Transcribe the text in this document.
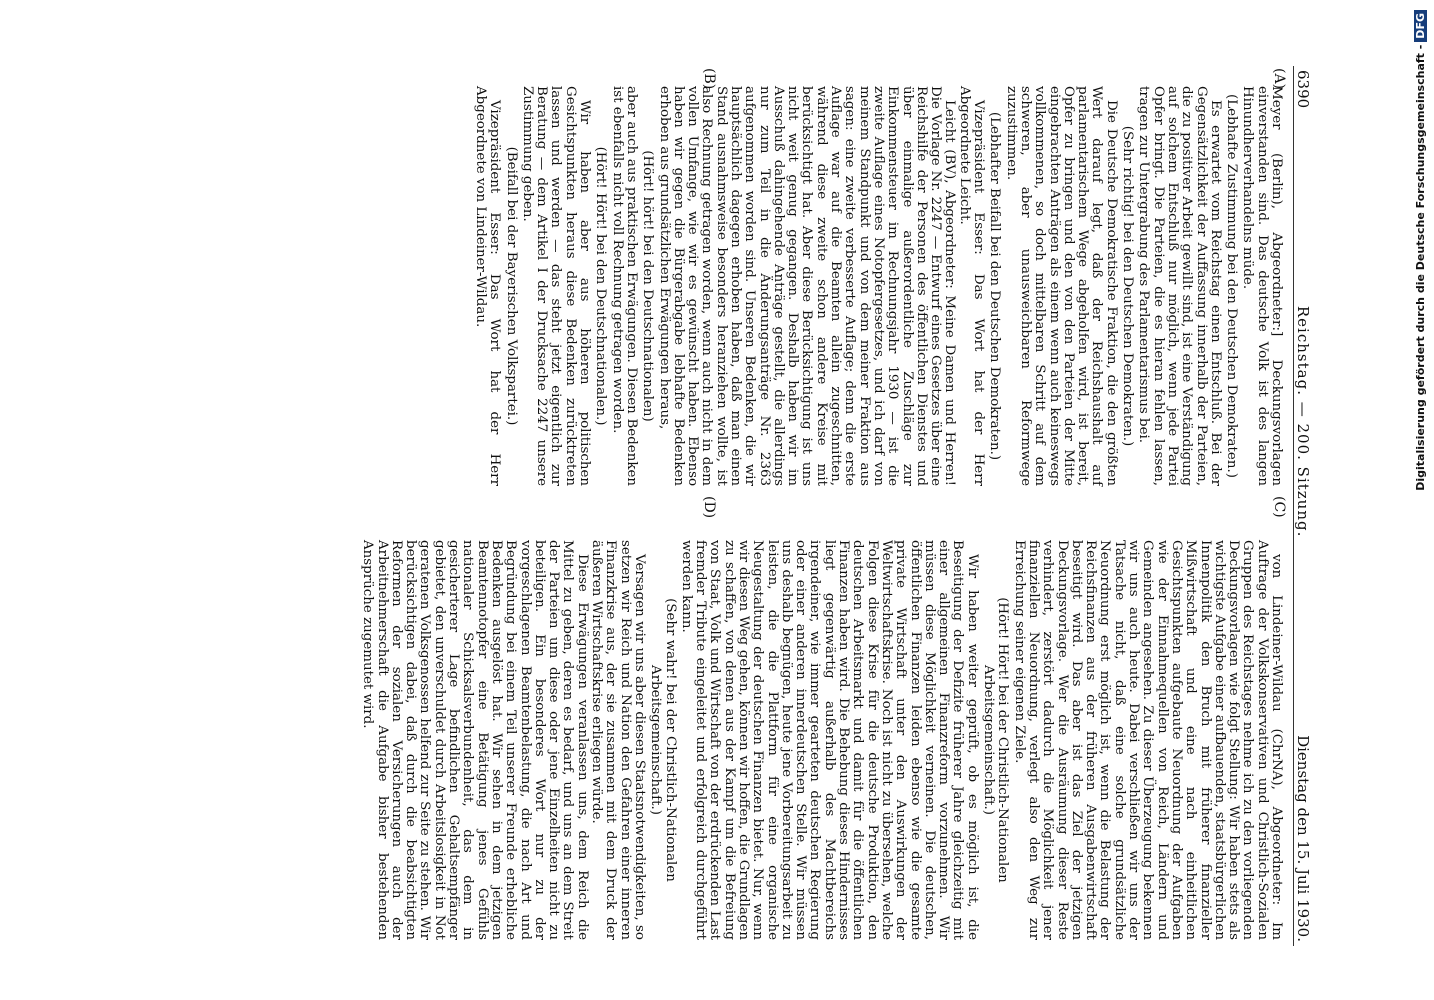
6390
Reichstag. — 200. Sitzung.
Dienstag den 15. Juli 1930.
(A)
(B)
(C)
(D)

Meyer (Berlin), Abgeordneter:] Deckungsvorlagen einverstanden sind. Das deutsche Volk ist des langen Hinundherverhandelns müde.

(Lebhafte Zustimmung bei den Deutschen Demokraten.)

Es erwartet vom Reichstag einen Entschluß. Bei der Gegensätzlichkeit der Auffassung innerhalb der Parteien, die zu positiver Arbeit gewillt sind, ist eine Verständigung auf solchem Entschluß nur möglich, wenn jede Partei Opfer bringt. Die Parteien, die es hieran fehlen lassen, tragen zur Untergrabung des Parlamentarismus bei.

(Sehr richtig! bei den Deutschen Demokraten.)

Die Deutsche Demokratische Fraktion, die den größten Wert darauf legt, daß der Reichshaushalt auf parlamentarischem Wege abgeholfen wird, ist bereit, Opfer zu bringen und den von den Parteien der Mitte eingebrachten Anträgen als einem wenn auch keineswegs vollkommenen, so doch mittelbaren Schritt auf dem schweren, aber unausweichbaren Reformwege zuzustimmen.

(Lebhafter Beifall bei den Deutschen Demokraten.)

Vizepräsident Esser: Das Wort hat der Herr Abgeordnete Leicht.

Leicht (BV), Abgeordneter: Meine Damen und Herren! Die Vorlage Nr. 2247 — Entwurf eines Gesetzes über eine Reichshilfe der Personen des öffentlichen Dienstes und über einmalige außerordentliche Zuschläge zur Einkommensteuer im Rechnungsjahr 1930 — ist die zweite Auflage eines Notopfergesetzes, und ich darf von meinem Standpunkt und von dem meiner Fraktion aus sagen: eine zweite verbesserte Auflage; denn die erste Auflage war auf die Beamten allein zugeschnitten, während diese zweite schon andere Kreise mit berücksichtigt hat. Aber diese Berücksichtigung ist uns nicht weit genug gegangen. Deshalb haben wir im Ausschuß dahingehende Anträge gestellt, die allerdings nur zum Teil in die Änderungsanträge Nr. 2363 aufgenommen worden sind. Unseren Bedenken, die wir hauptsächlich dagegen erhoben haben, daß man einen Stand ausnahmsweise besonders heranziehen wollte, ist also Rechnung getragen worden, wenn auch nicht in dem vollen Umfange, wie wir es gewünscht haben. Ebenso haben wir gegen die Bürgerabgabe lebhafte Bedenken erhoben aus grundsätzlichen Erwägungen heraus,

(Hört! hört! bei den Deutschnationalen)

aber auch aus praktischen Erwägungen. Diesen Bedenken ist ebenfalls nicht voll Rechnung getragen worden.

(Hört! Hört! bei den Deutschnationalen.)

Wir haben aber aus höheren politischen Gesichtspunkten heraus diese Bedenken zurücktreten lassen und werden — das steht jetzt eigentlich zur Beratung — dem Artikel I der Drucksache 2247 unsere Zustimmung geben.

(Beifall bei der Bayerischen Volkspartei.)

Vizepräsident Esser: Das Wort hat der Herr Abgeordnete von Lindeiner-Wildau.

von Lindeiner-Wildau (ChrNA), Abgeordneter: Im Auftrage der Volkskonservativen und Christlich-Sozialen Gruppen des Reichstages nehme ich zu den vorliegenden Deckungsvorlagen wie folgt Stellung: Wir haben stets als wichtigste Aufgabe einer aufbauenden, staatsbürgerlichen Innenpolitik den Bruch mit früherer finanzieller Mißwirtschaft und eine nach einheitlichen Gesichtspunkten aufgebaute Neuordnung der Aufgaben wie der Einnahmequellen von Reich, Ländern und Gemeinden angesehen. Zu dieser Überzeugung bekennen wir uns auch heute. Dabei verschließen wir uns der Tatsache nicht, daß eine solche grundsätzliche Neuordnung erst möglich ist, wenn die Belastung der Reichsfinanzen aus der früheren Ausgabenwirtschaft beseitigt wird. Das aber ist das Ziel der jetzigen Deckungsvorlage. Wer die Ausräumung dieser Reste verhindert, zerstört dadurch die Möglichkeit jener finanziellen Neuordnung, verlegt also den Weg zur Erreichung seiner eigenen Ziele.

(Hört! Hört! bei der Christlich-Nationalen Arbeitsgemeinschaft.)

Wir haben weiter geprüft, ob es möglich ist, die Beseitigung der Defizite früherer Jahre gleichzeitig mit einer allgemeinen Finanzreform vorzunehmen. Wir müssen diese Möglichkeit verneinen. Die deutschen, öffentlichen Finanzen leiden ebenso wie die gesamte private Wirtschaft unter den Auswirkungen der Weltwirtschaftskrise. Noch ist nicht zu übersehen, welche Folgen diese Krise für die deutsche Produktion, den deutschen Arbeitsmarkt und damit für die öffentlichen Finanzen haben wird. Die Behebung dieses Hindernisses liegt gegenwärtig außerhalb des Machtbereichs irgendeiner, wie immer gearteten deutschen Regierung oder einer anderen innerdeutschen Stelle. Wir müssen uns deshalb begnügen, heute jene Vorbereitungsarbeit zu leisten, die die Plattform für eine organische Neugestaltung der deutschen Finanzen bietet. Nur, wenn wir diesen Weg gehen, können wir hoffen, die Grundlagen zu schaffen, von denen aus der Kampf um die Befreiung von Staat, Volk und Wirtschaft von der erdrückenden Last fremder Tribute eingeleitet und erfolgreich durchgeführt werden kann.

(Sehr wahr! bei der Christlich-Nationalen Arbeitsgemeinschaft.)

Versagen wir uns aber diesen Staatsnotwendigkeiten, so setzen wir Reich und Nation den Gefahren einer inneren Finanzkrise aus, der sie zusammen mit dem Druck der äußeren Wirtschaftskrise erliegen würde.

Diese Erwägungen veranlassen uns, dem Reich die Mittel zu geben, deren es bedarf, und uns an dem Streit der Parteien um diese oder jene Einzelheiten nicht zu beteiligen. Ein besonderes Wort nur zu der vorgeschlagenen Beamtenbelastung, die nach Art und Begründung bei einem Teil unserer Freunde erhebliche Bedenken ausgelöst hat. Wir sehen in dem jetzigen Beamtennotopfer eine Betätigung jenes Gefühls nationaler Schicksalsverbundenheit, das dem in gesicherterer Lage befindlichen Gehaltsempfänger gebietet, den unverschuldet durch Arbeitslosigkeit in Not geratenen Volksgenossen helfend zur Seite zu stehen. Wir berücksichtigen dabei, daß durch die beabsichtigten Reformen der sozialen Versicherungen auch der Arbeitnehmerschaft die Aufgabe bisher bestehenden Ansprüche zugemutet wird.

Digitalisierung gefördert durch die Deutsche Forschungsgemeinschaft -DFG
